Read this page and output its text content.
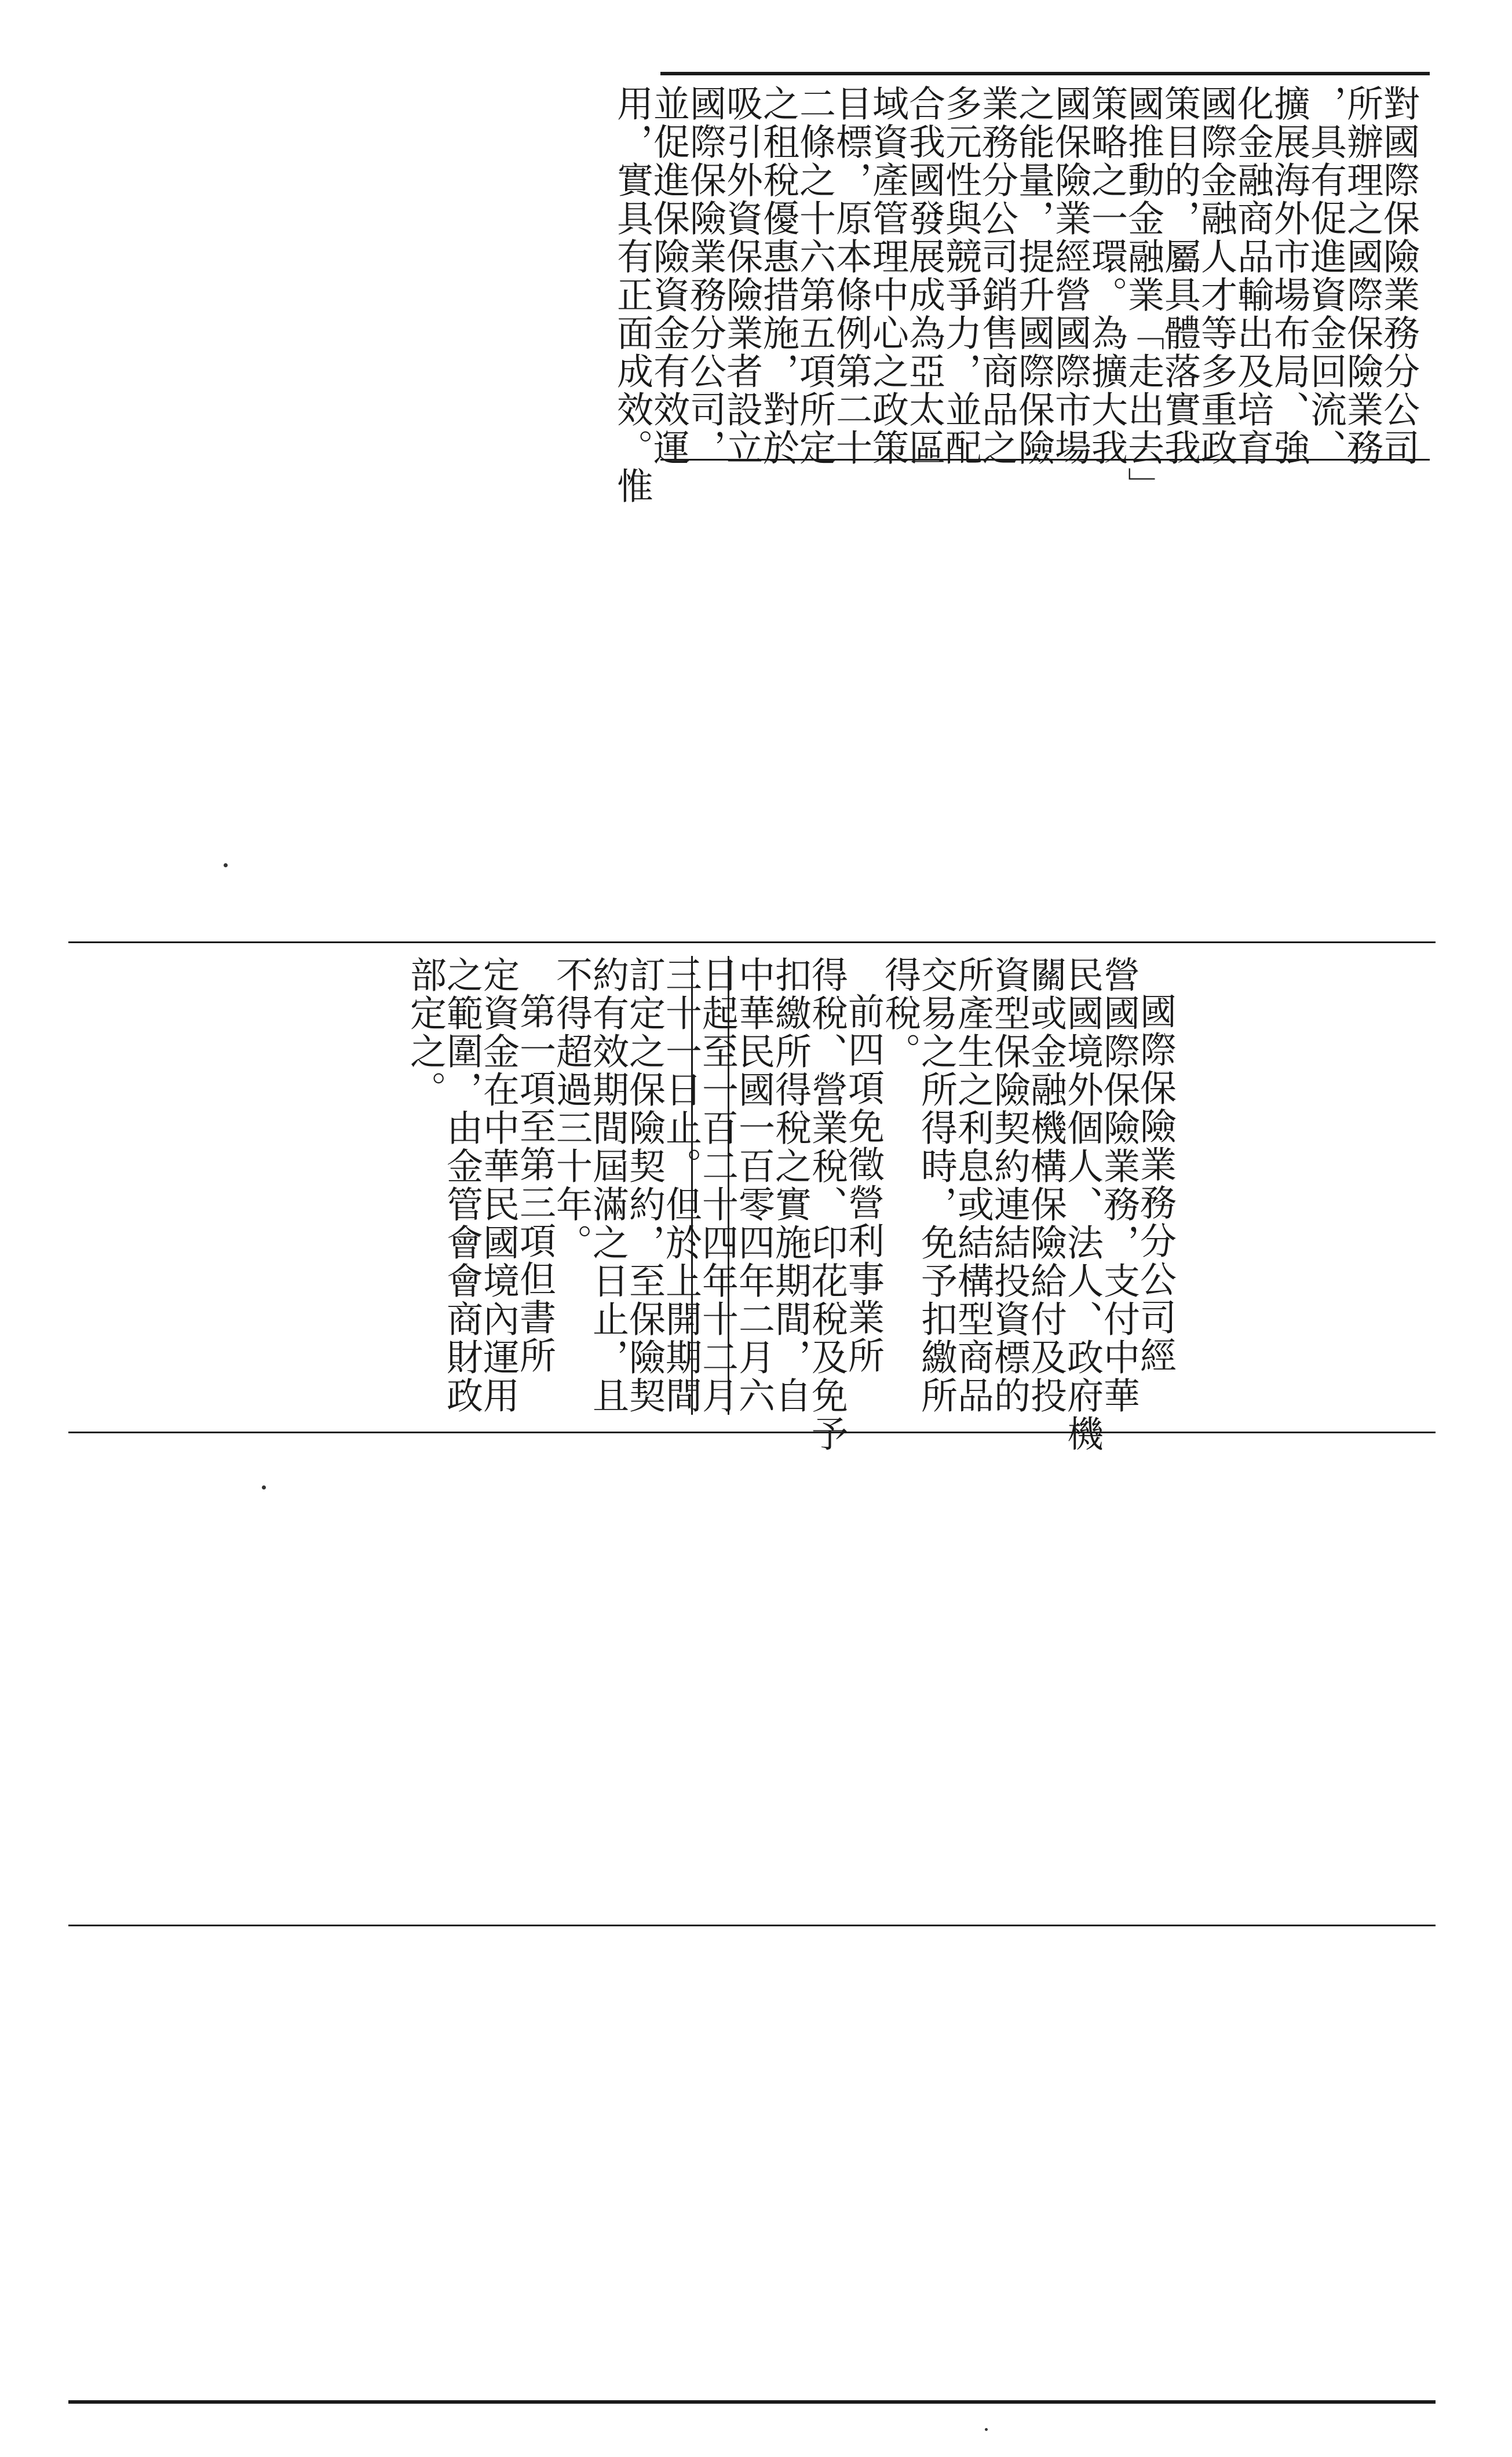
對國際保險業務分公司
所辦理之國際保險業務
，具有促進資金回流、
擴展海外市場布局、強
化金融商品輸出及培育
國際金融人才等多重政
策目的，屬具體落實我
國推動金融業「走出去」
策略之一環。為擴大我
國保險業經營國際市場
之能量，提升國際保險
業務分公司銷售商品之
多元性與競爭力，並配
合我國發展成為亞太區
域資產管理中心之政策
目標，原本條例第二十
二條之十六第五項所定
之租稅優惠措施，對於
吸引外資保險業者設立
國際保險業務分公司，
並促進保險資金有效運
用，實具有正面成效。惟
國際保險業務分公司經
營國際保險業務，支付中華
民國境外個人、法人、政府機
關或金融機構保險給付及投
資型保險契約連結投資標的
所產生之利息或結構型商品
交易之所得時，免予扣繳所
得稅。
前四項免徵營利事業所
得稅、營業稅、印花稅及免予
扣繳所得稅之實施期間，自
中華民國一百零四年二月六
日起至一百二十四年十二月
三十一日止。但於上開期間
訂定之保險契約，至保險契
約有效期間屆滿之日止，且
不得超過三十年。
第一項至第三項但書所
定資金在中華民國境內運用
之範圍，由金管會會商財政
部定之。
